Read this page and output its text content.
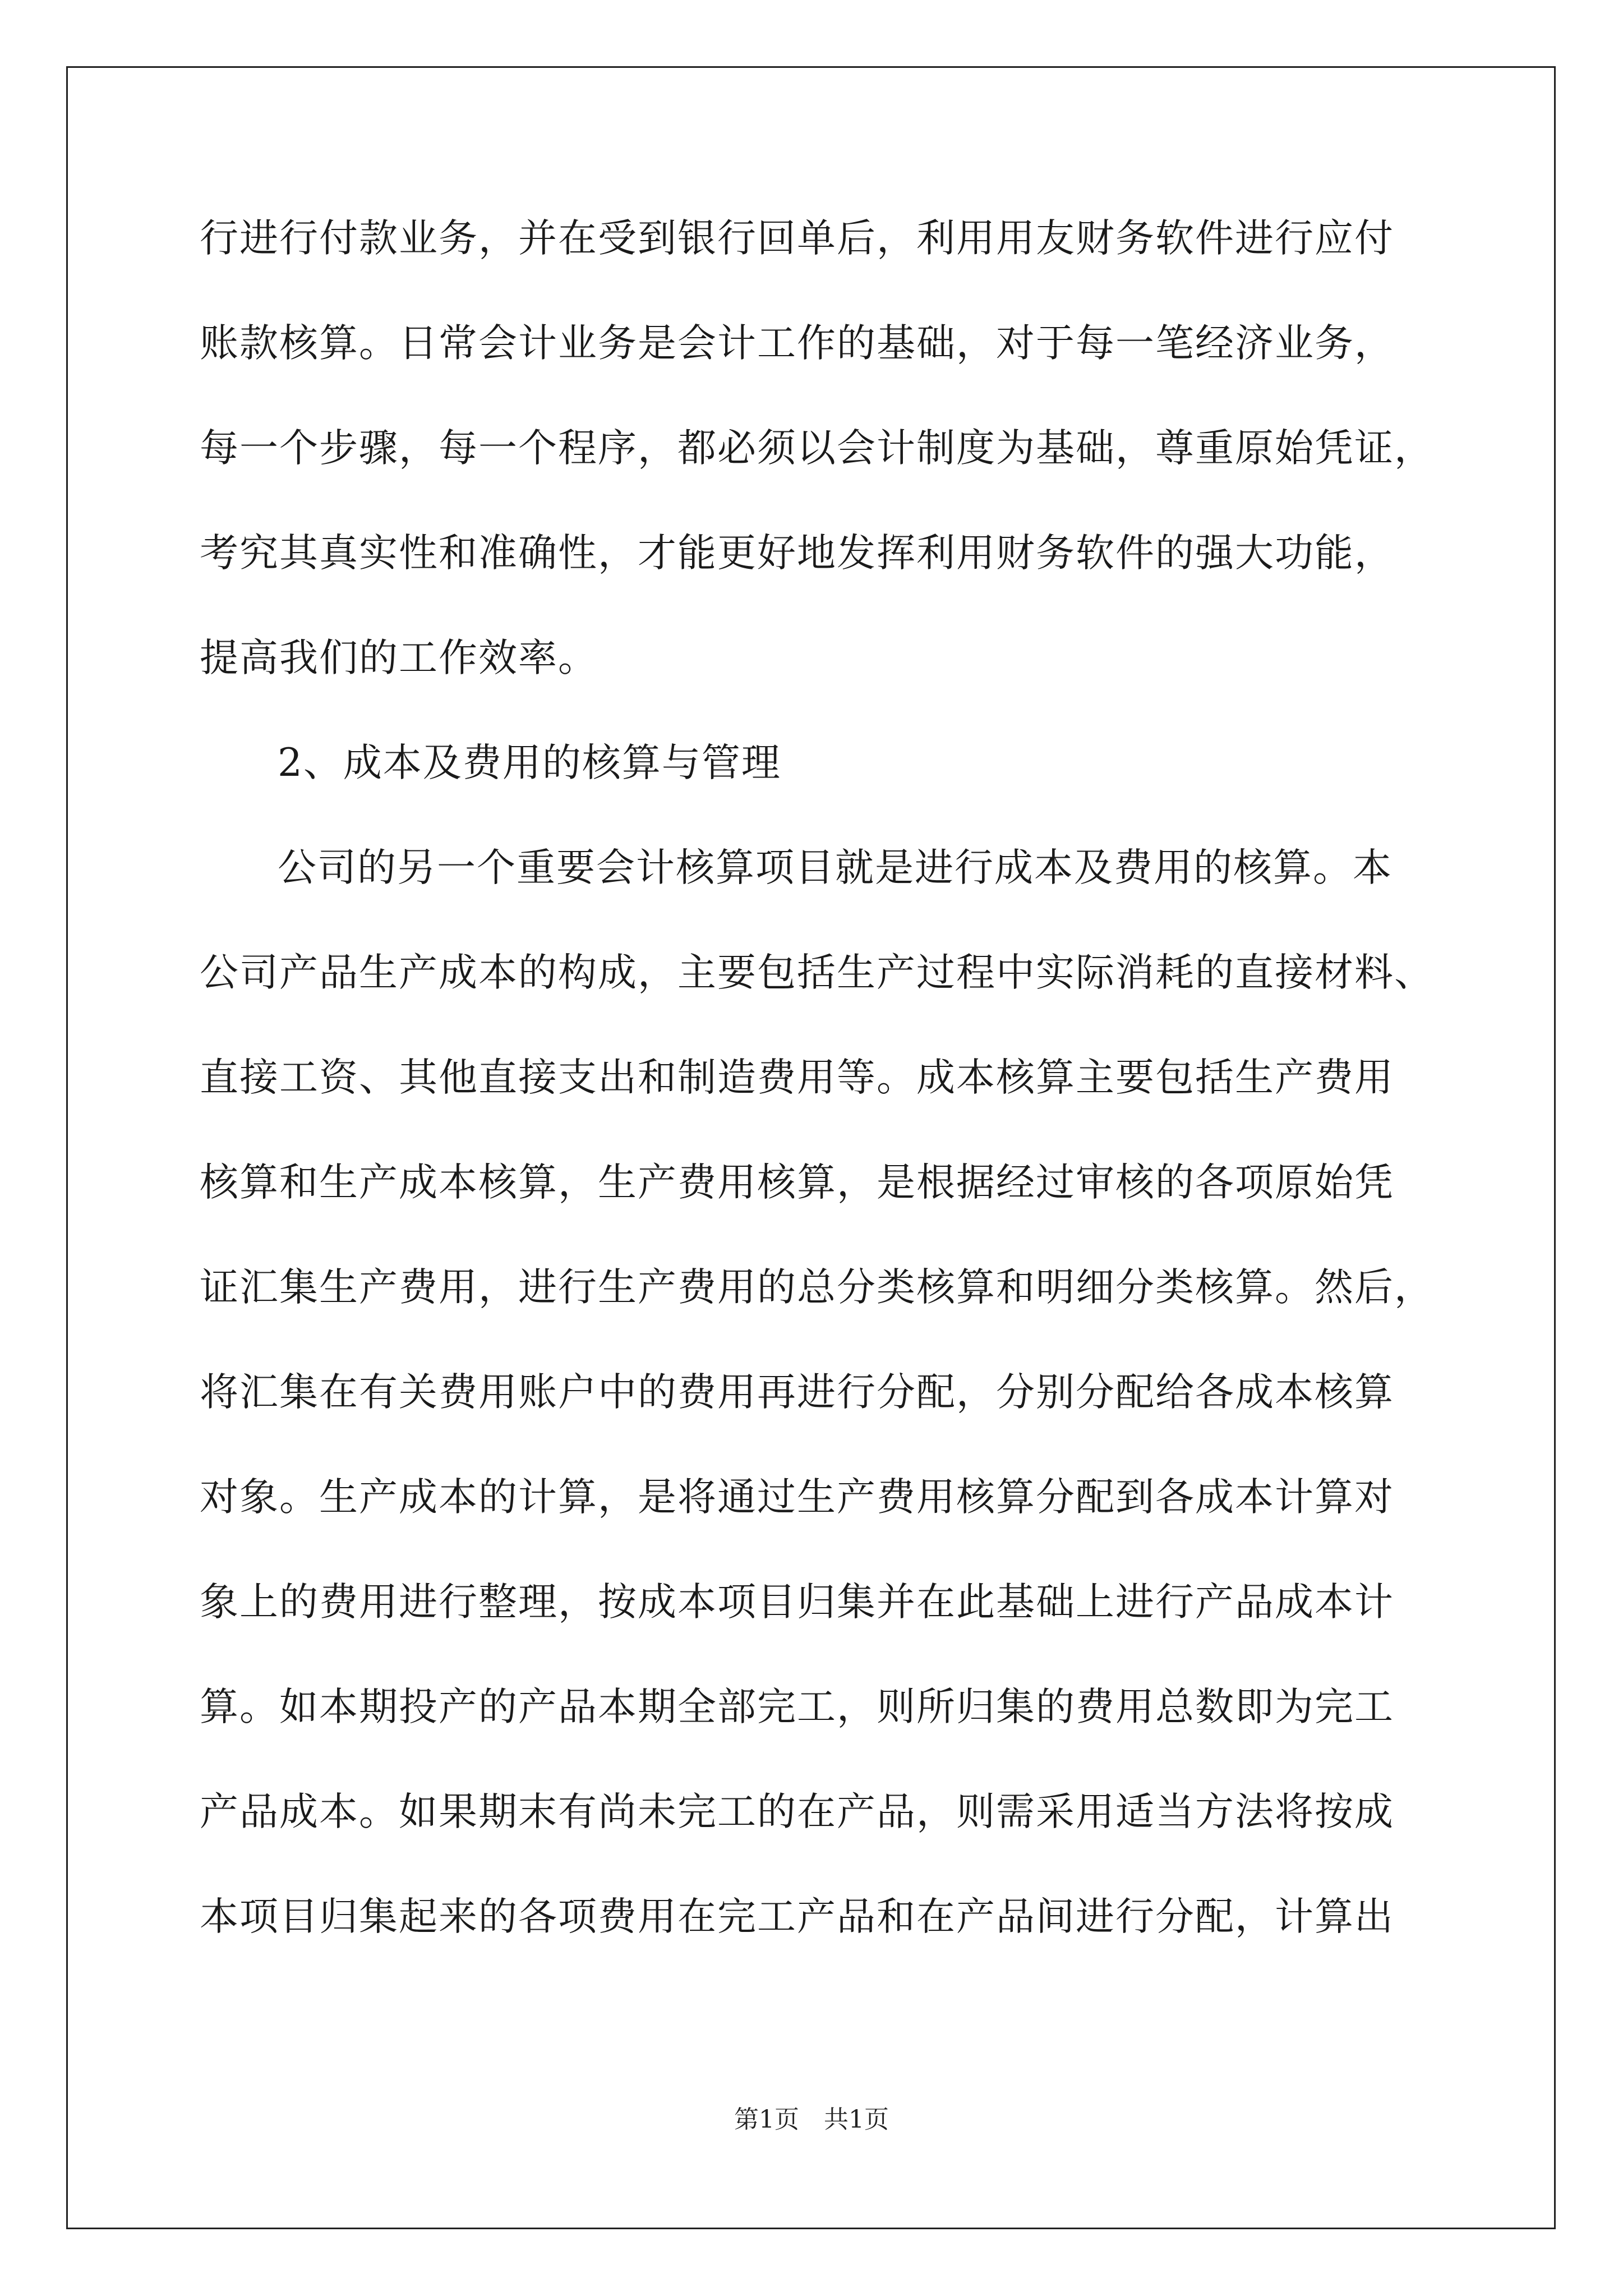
行进行付款业务，并在受到银行回单后，利用用友财务软件进行应付
账款核算。日常会计业务是会计工作的基础，对于每一笔经济业务，
每一个步骤，每一个程序，都必须以会计制度为基础，尊重原始凭证，
考究其真实性和准确性，才能更好地发挥利用财务软件的强大功能，
提高我们的工作效率。
2、成本及费用的核算与管理
公司的另一个重要会计核算项目就是进行成本及费用的核算。本
公司产品生产成本的构成，主要包括生产过程中实际消耗的直接材料、
直接工资、其他直接支出和制造费用等。成本核算主要包括生产费用
核算和生产成本核算，生产费用核算，是根据经过审核的各项原始凭
证汇集生产费用，进行生产费用的总分类核算和明细分类核算。然后，
将汇集在有关费用账户中的费用再进行分配，分别分配给各成本核算
对象。生产成本的计算，是将通过生产费用核算分配到各成本计算对
象上的费用进行整理，按成本项目归集并在此基础上进行产品成本计
算。如本期投产的产品本期全部完工，则所归集的费用总数即为完工
产品成本。如果期末有尚未完工的在产品，则需采用适当方法将按成
本项目归集起来的各项费用在完工产品和在产品间进行分配，计算出
第1页 共1页
